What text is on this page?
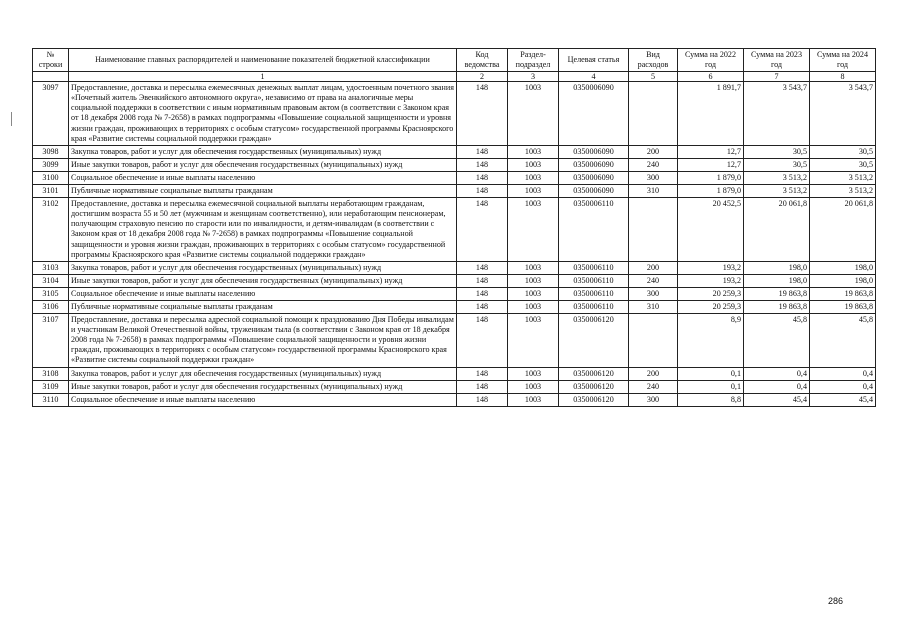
№ строки	Наименование главных распорядителей и наименование показателей бюджетной классификации	Код ведомства	Раздел-подраздел	Целевая статья	Вид расходов	Сумма на 2022 год	Сумма на 2023 год	Сумма на 2024 год
	1	2	3	4	5	6	7	8
3097	Предоставление, доставка и пересылка ежемесячных денежных выплат лицам, удостоенным почетного звания «Почетный житель Эвенкийского автономного округа», независимо от права на аналогичные меры социальной поддержки в соответствии с иным нормативным правовым актом (в соответствии с Законом края от 18 декабря 2008 года № 7-2658) в рамках подпрограммы «Повышение социальной защищенности и уровня жизни граждан, проживающих в территориях с особым статусом» государственной программы Красноярского края «Развитие системы социальной поддержки граждан»	148	1003	0350006090		1 891,7	3 543,7	3 543,7
3098	Закупка товаров, работ и услуг для обеспечения государственных (муниципальных) нужд	148	1003	0350006090	200	12,7	30,5	30,5
3099	Иные закупки товаров, работ и услуг для обеспечения государственных (муниципальных) нужд	148	1003	0350006090	240	12,7	30,5	30,5
3100	Социальное обеспечение и иные выплаты населению	148	1003	0350006090	300	1 879,0	3 513,2	3 513,2
3101	Публичные нормативные социальные выплаты гражданам	148	1003	0350006090	310	1 879,0	3 513,2	3 513,2
3102	Предоставление, доставка и пересылка ежемесячной социальной выплаты неработающим гражданам, достигшим возраста 55 и 50 лет (мужчинам и женщинам соответственно), или неработающим пенсионерам, получающим страховую пенсию по старости или по инвалидности, и детям-инвалидам (в соответствии с Законом края от 18 декабря 2008 года № 7-2658) в рамках подпрограммы «Повышение социальной защищенности и уровня жизни граждан, проживающих в территориях с особым статусом» государственной программы Красноярского края «Развитие системы социальной поддержки граждан»	148	1003	0350006110		20 452,5	20 061,8	20 061,8
3103	Закупка товаров, работ и услуг для обеспечения государственных (муниципальных) нужд	148	1003	0350006110	200	193,2	198,0	198,0
3104	Иные закупки товаров, работ и услуг для обеспечения государственных (муниципальных) нужд	148	1003	0350006110	240	193,2	198,0	198,0
3105	Социальное обеспечение и иные выплаты населению	148	1003	0350006110	300	20 259,3	19 863,8	19 863,8
3106	Публичные нормативные социальные выплаты гражданам	148	1003	0350006110	310	20 259,3	19 863,8	19 863,8
3107	Предоставление, доставка и пересылка адресной социальной помощи к празднованию Дня Победы инвалидам и участникам Великой Отечественной войны, труженикам тыла (в соответствии с Законом края от 18 декабря 2008 года № 7-2658) в рамках подпрограммы «Повышение социальной защищенности и уровня жизни граждан, проживающих в территориях с особым статусом» государственной программы Красноярского края «Развитие системы социальной поддержки граждан»	148	1003	0350006120		8,9	45,8	45,8
3108	Закупка товаров, работ и услуг для обеспечения государственных (муниципальных) нужд	148	1003	0350006120	200	0,1	0,4	0,4
3109	Иные закупки товаров, работ и услуг для обеспечения государственных (муниципальных) нужд	148	1003	0350006120	240	0,1	0,4	0,4
3110	Социальное обеспечение и иные выплаты населению	148	1003	0350006120	300	8,8	45,4	45,4
286
